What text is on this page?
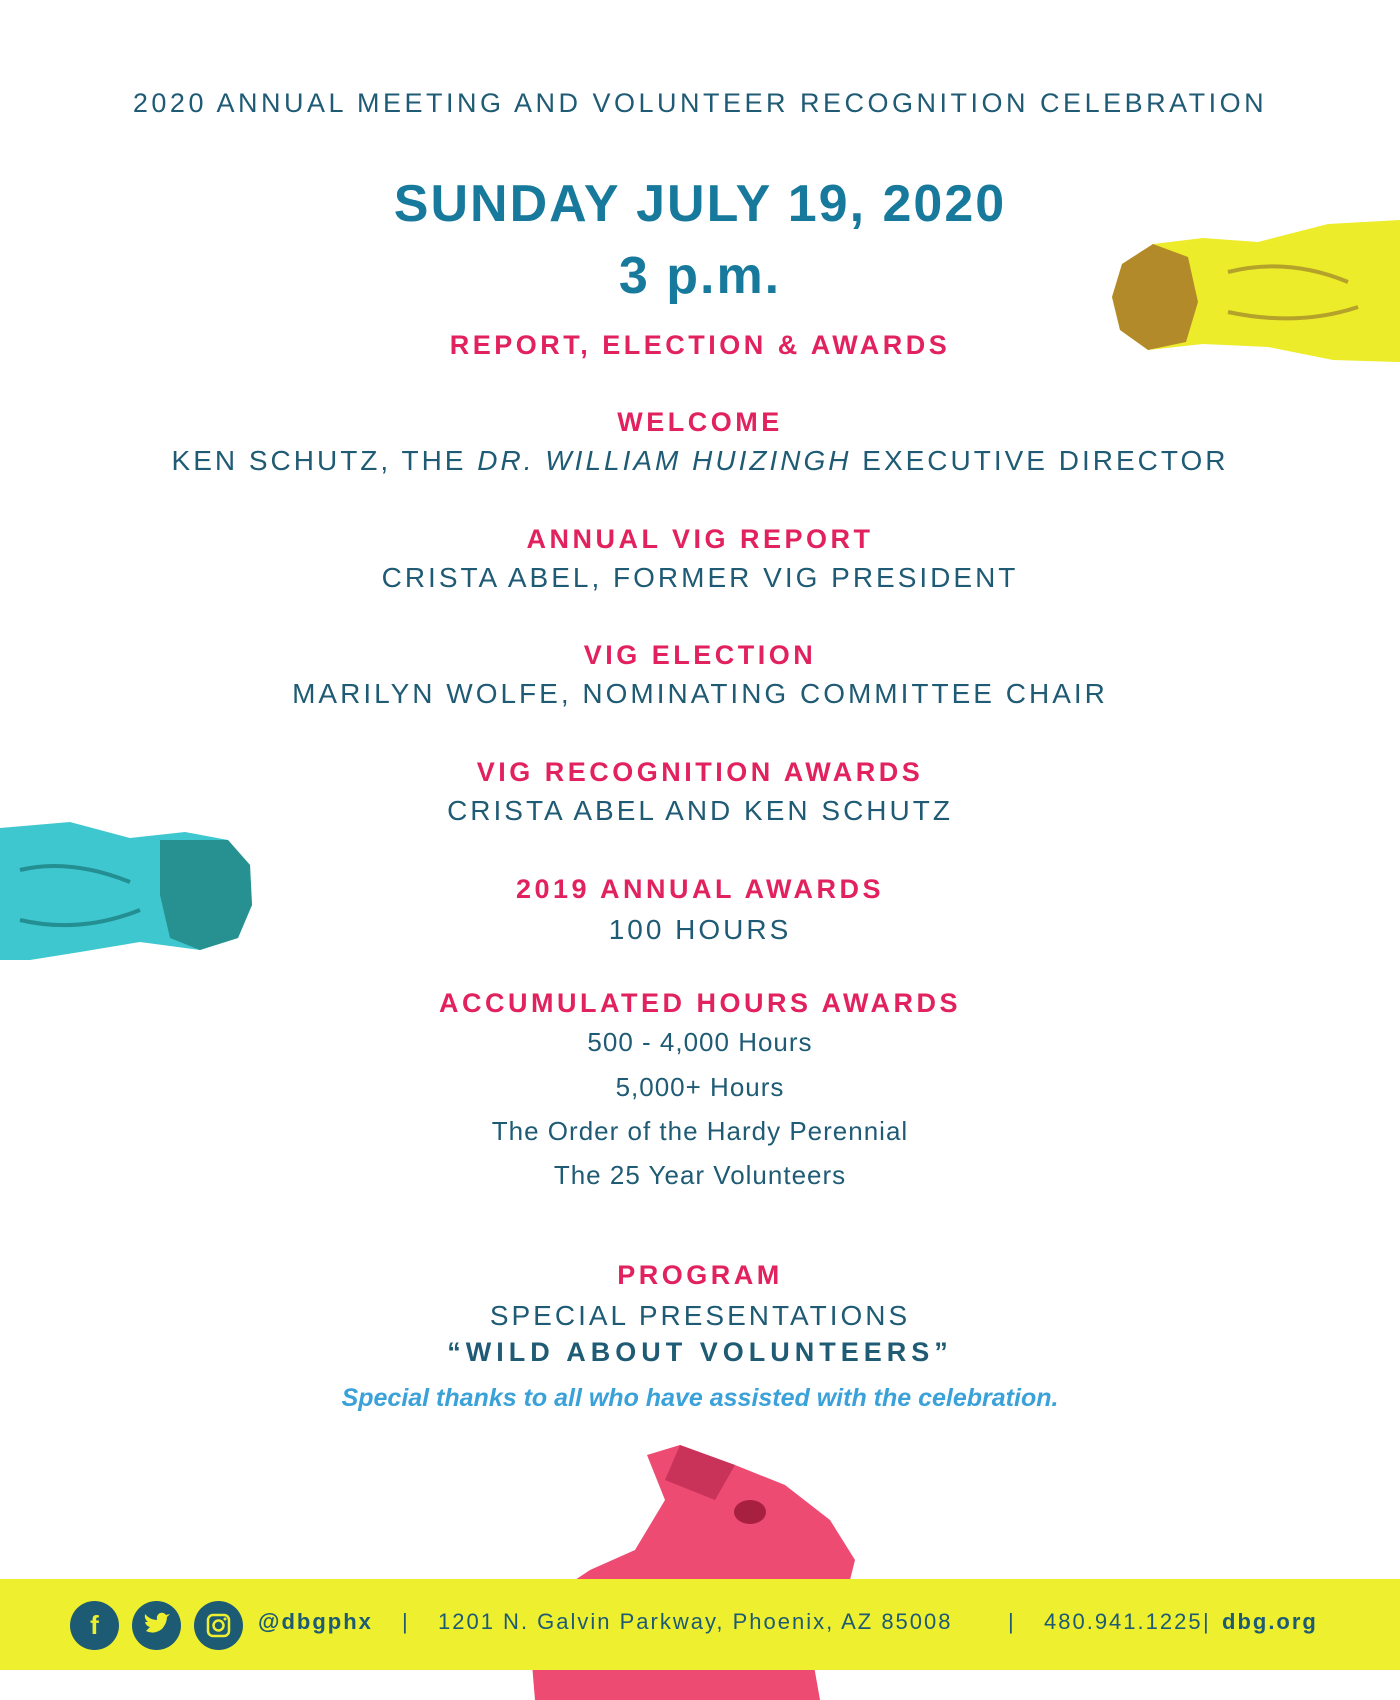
2020 ANNUAL MEETING AND VOLUNTEER RECOGNITION CELEBRATION
SUNDAY JULY 19, 2020
3 p.m.
REPORT, ELECTION & AWARDS
WELCOME
KEN SCHUTZ, THE DR. WILLIAM HUIZINGH EXECUTIVE DIRECTOR
ANNUAL VIG REPORT
CRISTA ABEL, FORMER VIG PRESIDENT
VIG ELECTION
MARILYN WOLFE, NOMINATING COMMITTEE CHAIR
VIG RECOGNITION AWARDS
CRISTA ABEL AND KEN SCHUTZ
2019 ANNUAL AWARDS
100 HOURS
ACCUMULATED HOURS AWARDS
500 - 4,000 Hours
5,000+ Hours
The Order of the Hardy Perennial
The 25 Year Volunteers
PROGRAM
SPECIAL PRESENTATIONS
“WILD ABOUT VOLUNTEERS”
Special thanks to all who have assisted with the celebration.
f	@dbgphx | 1201 N. Galvin Parkway, Phoenix, AZ 85008	| 480.941.1225 | dbg.org
